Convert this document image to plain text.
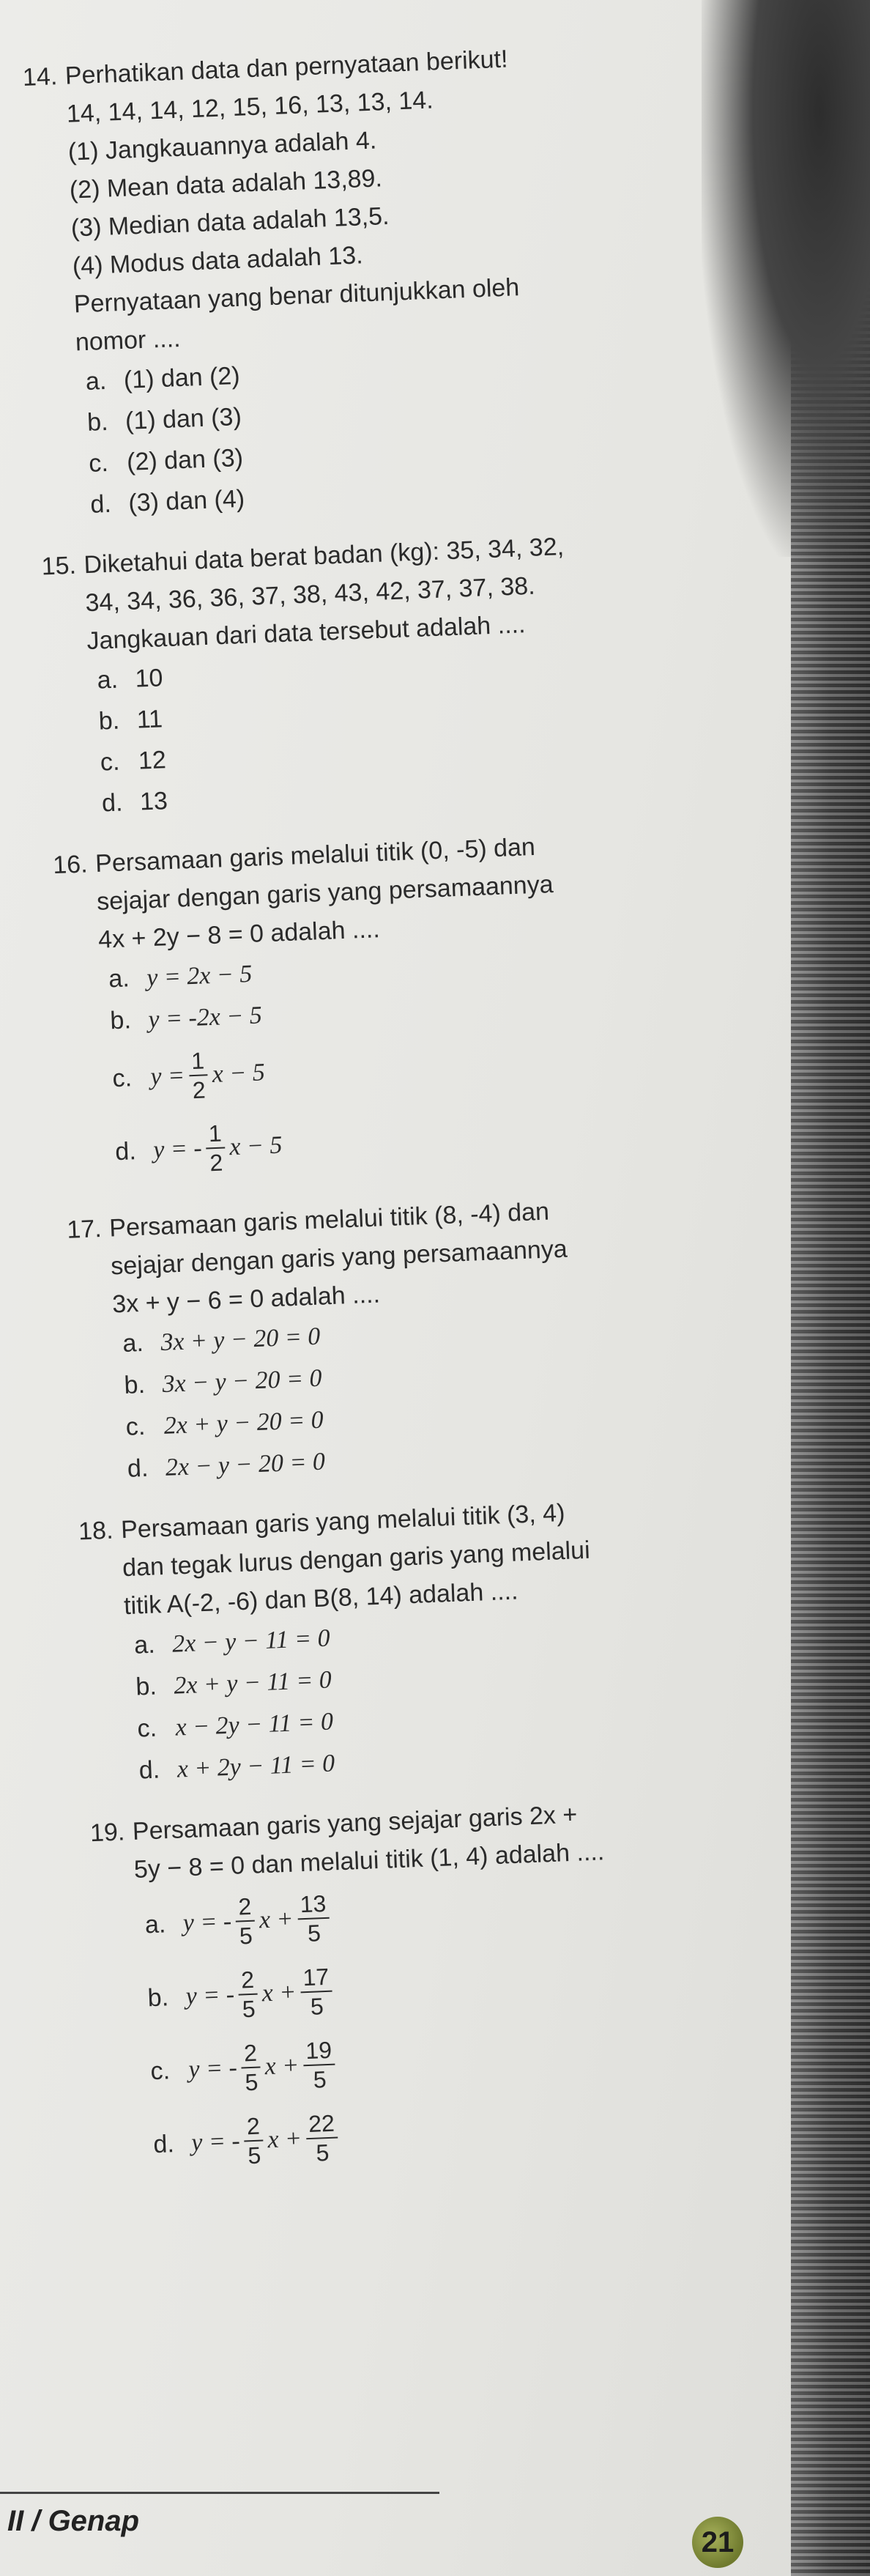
14. Perhatikan data dan pernyataan berikut!
14, 14, 14, 12, 15, 16, 13, 13, 14.
(1) Jangkauannya adalah 4.
(2) Mean data adalah 13,89.
(3) Median data adalah 13,5.
(4) Modus data adalah 13.
Pernyataan yang benar ditunjukkan oleh
nomor ....
a. (1) dan (2)
b. (1) dan (3)
c. (2) dan (3)
d. (3) dan (4)
15. Diketahui data berat badan (kg): 35, 34, 32,
34, 34, 36, 36, 37, 38, 43, 42, 37, 37, 38.
Jangkauan dari data tersebut adalah ....
a. 10
b. 11
c. 12
d. 13
16. Persamaan garis melalui titik (0, -5) dan
sejajar dengan garis yang persamaannya
4x + 2y − 8 = 0 adalah ....
a. y = 2x − 5
b. y = -2x − 5
c. $y = \frac{1}{2}$ x − 5
d. y = - $\frac{1}{2}$ x − 5
17. Persamaan garis melalui titik (8, -4) dan
sejajar dengan garis yang persamaannya
3x + y − 6 = 0 adalah ....
a. 3x + y − 20 = 0
b. 3x − y − 20 = 0
c. 2x + y − 20 = 0
d. 2x − y − 20 = 0
18. Persamaan garis yang melalui titik (3, 4)
dan tegak lurus dengan garis yang melalui
titik A(-2, -6) dan B(8, 14) adalah ....
a. 2x − y − 11 = 0
b. 2x + y − 11 = 0
c. x − 2y − 11 = 0
d. x + 2y − 11 = 0
19. Persamaan garis yang sejajar garis 2x +
5y − 8 = 0 dan melalui titik (1, 4) adalah ....
a. y = - $\frac{2}{5}$ $x + \frac{13}{5}$
b. y = - $\frac{2}{5}$ $x + \frac{17}{5}$
c. y = - $\frac{2}{5}$ $x + \frac{19}{5}$
d. y = - $\frac{2}{5}$ $x + \frac{22}{5}$
II / Genap
21
